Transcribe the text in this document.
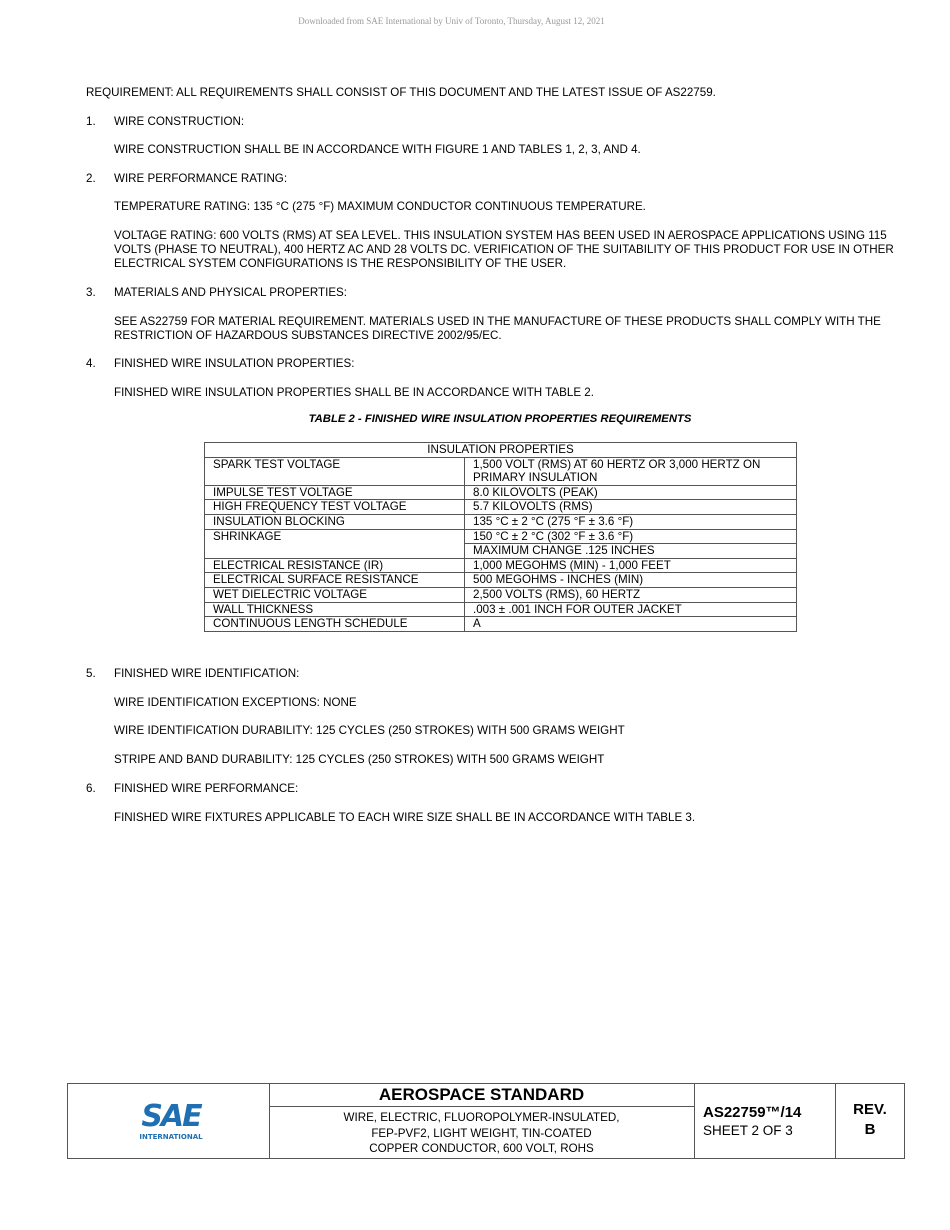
Downloaded from SAE International by Univ of Toronto, Thursday, August 12, 2021
REQUIREMENT: ALL REQUIREMENTS SHALL CONSIST OF THIS DOCUMENT AND THE LATEST ISSUE OF AS22759.
1. WIRE CONSTRUCTION:
WIRE CONSTRUCTION SHALL BE IN ACCORDANCE WITH FIGURE 1 AND TABLES 1, 2, 3, AND 4.
2. WIRE PERFORMANCE RATING:
TEMPERATURE RATING: 135 °C (275 °F) MAXIMUM CONDUCTOR CONTINUOUS TEMPERATURE.
VOLTAGE RATING: 600 VOLTS (RMS) AT SEA LEVEL. THIS INSULATION SYSTEM HAS BEEN USED IN AEROSPACE APPLICATIONS USING 115 VOLTS (PHASE TO NEUTRAL), 400 HERTZ AC AND 28 VOLTS DC. VERIFICATION OF THE SUITABILITY OF THIS PRODUCT FOR USE IN OTHER ELECTRICAL SYSTEM CONFIGURATIONS IS THE RESPONSIBILITY OF THE USER.
3. MATERIALS AND PHYSICAL PROPERTIES:
SEE AS22759 FOR MATERIAL REQUIREMENT. MATERIALS USED IN THE MANUFACTURE OF THESE PRODUCTS SHALL COMPLY WITH THE RESTRICTION OF HAZARDOUS SUBSTANCES DIRECTIVE 2002/95/EC.
4. FINISHED WIRE INSULATION PROPERTIES:
FINISHED WIRE INSULATION PROPERTIES SHALL BE IN ACCORDANCE WITH TABLE 2.
TABLE 2 - FINISHED WIRE INSULATION PROPERTIES REQUIREMENTS
INSULATION PROPERTIES	
SPARK TEST VOLTAGE	1,500 VOLT (RMS) AT 60 HERTZ OR 3,000 HERTZ ON PRIMARY INSULATION
IMPULSE TEST VOLTAGE	8.0 KILOVOLTS (PEAK)
HIGH FREQUENCY TEST VOLTAGE	5.7 KILOVOLTS (RMS)
INSULATION BLOCKING	135 °C ± 2 °C (275 °F ± 3.6 °F)
SHRINKAGE	150 °C ± 2 °C (302 °F ± 3.6 °F)
	MAXIMUM CHANGE .125 INCHES
ELECTRICAL RESISTANCE (IR)	1,000 MEGOHMS (MIN) - 1,000 FEET
ELECTRICAL SURFACE RESISTANCE	500 MEGOHMS - INCHES (MIN)
WET DIELECTRIC VOLTAGE	2,500 VOLTS (RMS), 60 HERTZ
WALL THICKNESS	.003 ± .001 INCH FOR OUTER JACKET
CONTINUOUS LENGTH SCHEDULE	A
5. FINISHED WIRE IDENTIFICATION:
WIRE IDENTIFICATION EXCEPTIONS: NONE
WIRE IDENTIFICATION DURABILITY: 125 CYCLES (250 STROKES) WITH 500 GRAMS WEIGHT
STRIPE AND BAND DURABILITY: 125 CYCLES (250 STROKES) WITH 500 GRAMS WEIGHT
6. FINISHED WIRE PERFORMANCE:
FINISHED WIRE FIXTURES APPLICABLE TO EACH WIRE SIZE SHALL BE IN ACCORDANCE WITH TABLE 3.
SAE
INTERNATIONAL
AEROSPACE STANDARD
WIRE, ELECTRIC, FLUOROPOLYMER-INSULATED,
FEP-PVF2, LIGHT WEIGHT, TIN-COATED
COPPER CONDUCTOR, 600 VOLT, ROHS
AS22759™/14
SHEET 2 OF 3
REV.
B
